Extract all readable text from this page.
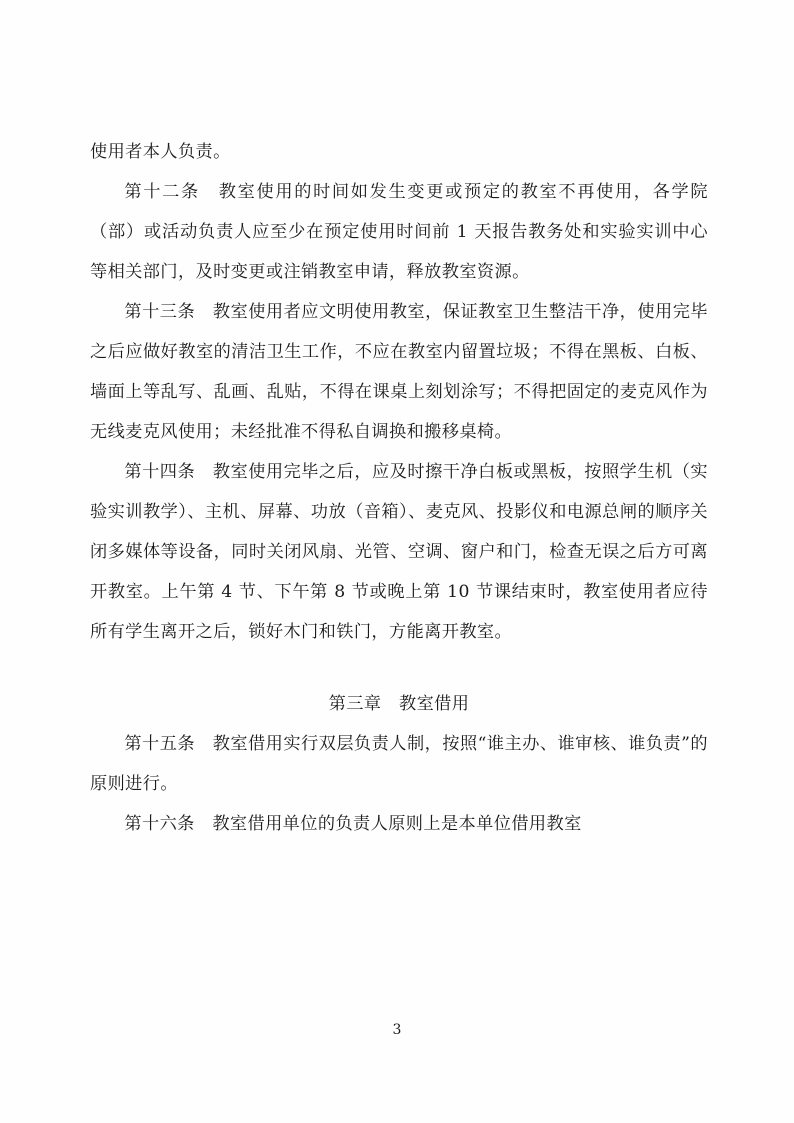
使用者本人负责。

第十二条　教室使用的时间如发生变更或预定的教室不再使用，各学院（部）或活动负责人应至少在预定使用时间前 1 天报告教务处和实验实训中心等相关部门，及时变更或注销教室申请，释放教室资源。

第十三条　教室使用者应文明使用教室，保证教室卫生整洁干净，使用完毕之后应做好教室的清洁卫生工作，不应在教室内留置垃圾；不得在黑板、白板、墙面上等乱写、乱画、乱贴，不得在课桌上刻划涂写；不得把固定的麦克风作为无线麦克风使用；未经批准不得私自调换和搬移桌椅。

第十四条　教室使用完毕之后，应及时擦干净白板或黑板，按照学生机（实验实训教学）、主机、屏幕、功放（音箱）、麦克风、投影仪和电源总闸的顺序关闭多媒体等设备，同时关闭风扇、光管、空调、窗户和门，检查无误之后方可离开教室。上午第 4 节、下午第 8 节或晚上第 10 节课结束时，教室使用者应待所有学生离开之后，锁好木门和铁门，方能离开教室。

第三章　教室借用

第十五条　教室借用实行双层负责人制，按照“谁主办、谁审核、谁负责”的原则进行。

第十六条　教室借用单位的负责人原则上是本单位借用教室

3
